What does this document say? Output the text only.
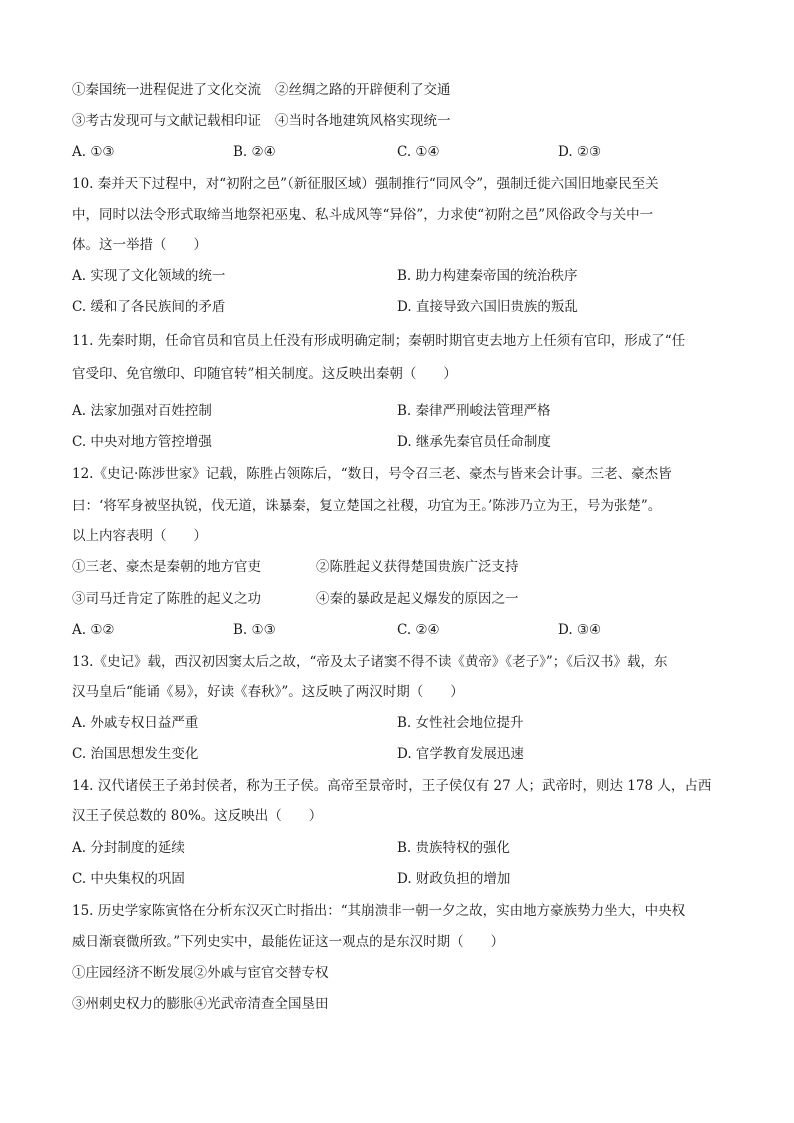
①秦国统一进程促进了文化交流 ②丝绸之路的开辟便利了交通
③考古发现可与文献记载相印证 ④当时各地建筑风格实现统一
A. ①③	B. ②④	C. ①④	D. ②③
10. 秦并天下过程中，对“初附之邑”（新征服区域）强制推行“同风令”，强制迁徙六国旧地豪民至关
中，同时以法令形式取缔当地祭祀巫鬼、私斗成风等“异俗”，力求使“初附之邑”风俗政令与关中一
体。这一举措（　　）
A. 实现了文化领域的统一	B. 助力构建秦帝国的统治秩序
C. 缓和了各民族间的矛盾	D. 直接导致六国旧贵族的叛乱
11. 先秦时期，任命官员和官员上任没有形成明确定制；秦朝时期官吏去地方上任须有官印，形成了“任
官受印、免官缴印、印随官转”相关制度。这反映出秦朝（　　）
A. 法家加强对百姓控制	B. 秦律严刑峻法管理严格
C. 中央对地方管控增强	D. 继承先秦官员任命制度
12.《史记·陈涉世家》记载，陈胜占领陈后，“数日，号令召三老、豪杰与皆来会计事。三老、豪杰皆
曰：‘将军身被坚执锐，伐无道，诛暴秦，复立楚国之社稷，功宜为王。’陈涉乃立为王，号为张楚”。
以上内容表明（　　）
①三老、豪杰是秦朝的地方官吏	②陈胜起义获得楚国贵族广泛支持
③司马迁肯定了陈胜的起义之功	④秦的暴政是起义爆发的原因之一
A. ①②	B. ①③	C. ②④	D. ③④
13.《史记》载，西汉初因窦太后之故，“帝及太子诸窦不得不读《黄帝》《老子》”；《后汉书》载，东
汉马皇后“能诵《易》，好读《春秋》”。这反映了两汉时期（　　）
A. 外戚专权日益严重	B. 女性社会地位提升
C. 治国思想发生变化	D. 官学教育发展迅速
14. 汉代诸侯王子弟封侯者，称为王子侯。高帝至景帝时，王子侯仅有 27 人；武帝时，则达 178 人，占西
汉王子侯总数的 80%。这反映出（　　）
A. 分封制度的延续	B. 贵族特权的强化
C. 中央集权的巩固	D. 财政负担的增加
15. 历史学家陈寅恪在分析东汉灭亡时指出：“其崩溃非一朝一夕之故，实由地方豪族势力坐大，中央权
威日渐衰微所致。”下列史实中，最能佐证这一观点的是东汉时期（　　）
①庄园经济不断发展②外戚与宦官交替专权
③州刺史权力的膨胀④光武帝清查全国垦田
